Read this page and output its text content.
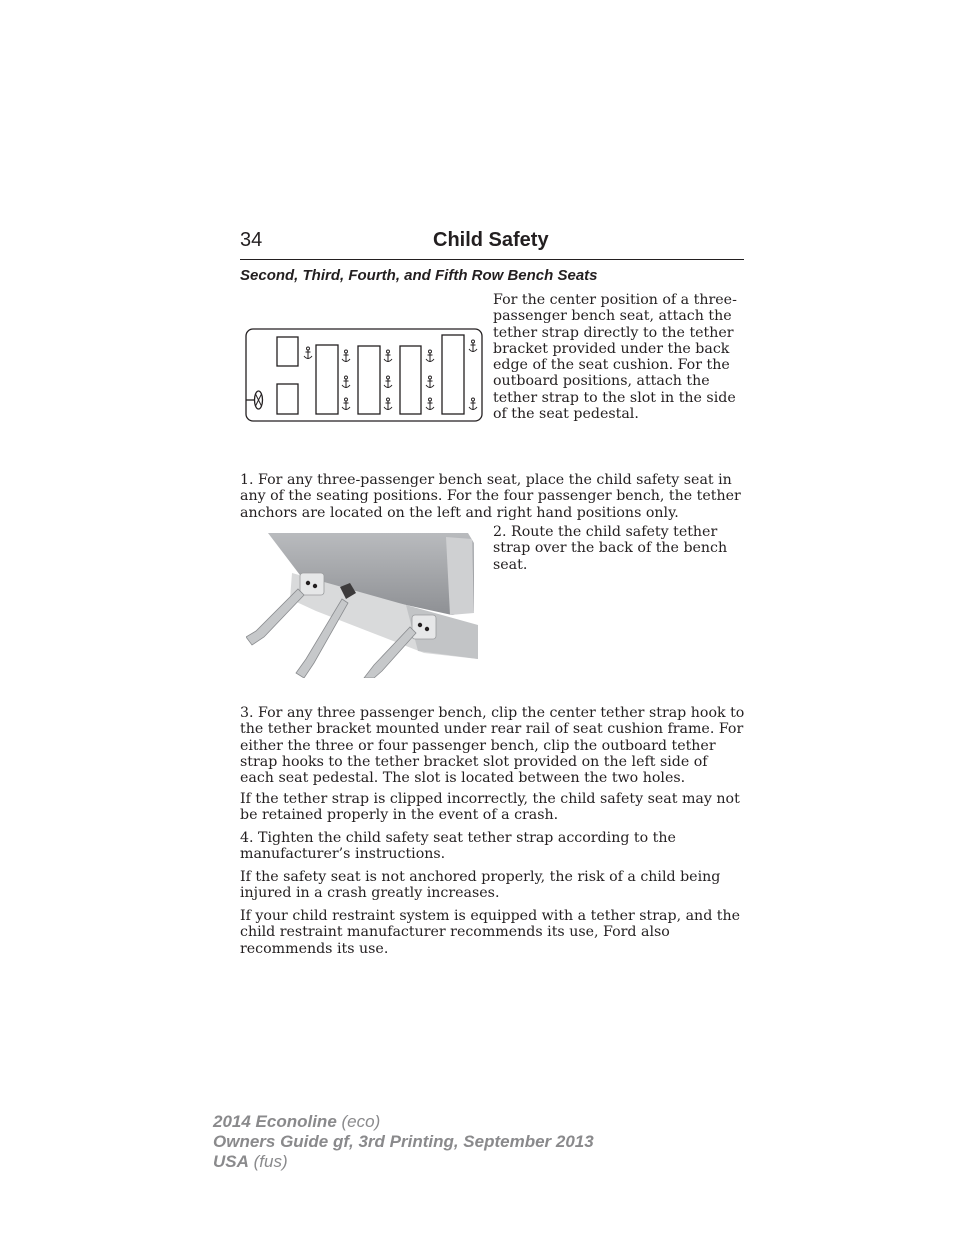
34	Child Safety
Second, Third, Fourth, and Fifth Row Bench Seats
For the center position of a three-passenger bench seat, attach the tether strap directly to the tether bracket provided under the back edge of the seat cushion. For the outboard positions, attach the tether strap to the slot in the side of the seat pedestal.
1. For any three-passenger bench seat, place the child safety seat in any of the seating positions. For the four passenger bench, the tether anchors are located on the left and right hand positions only.
2. Route the child safety tether strap over the back of the bench seat.
3. For any three passenger bench, clip the center tether strap hook to the tether bracket mounted under rear rail of seat cushion frame. For either the three or four passenger bench, clip the outboard tether strap hooks to the tether bracket slot provided on the left side of each seat pedestal. The slot is located between the two holes.
If the tether strap is clipped incorrectly, the child safety seat may not be retained properly in the event of a crash.
4. Tighten the child safety seat tether strap according to the manufacturer’s instructions.
If the safety seat is not anchored properly, the risk of a child being injured in a crash greatly increases.
If your child restraint system is equipped with a tether strap, and the child restraint manufacturer recommends its use, Ford also recommends its use.
2014 Econoline (eco)
Owners Guide gf, 3rd Printing, September 2013
USA (fus)
